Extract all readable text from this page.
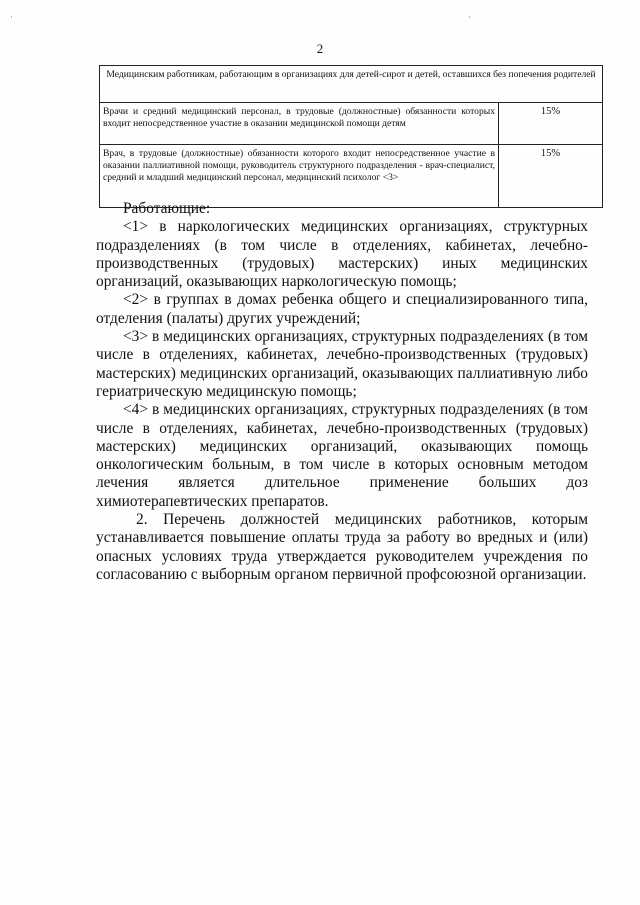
·	·
2
Медицинским работникам, работающим в организациях для детей-сирот и детей, оставшихся без попечения родителей	
Врачи и средний медицинский персонал, в трудовые (должностные) обязанности которых входит непосредственное участие в оказании медицинской помощи детям	15%
Врач, в трудовые (должностные) обязанности которого входит непосредственное участие в оказании паллиативной помощи, руководитель структурного подразделения - врач-специалист, средний и младший медицинский персонал, медицинский психолог <3>	15%

Работающие:

<1> в наркологических медицинских организациях, структурных подразделениях (в том числе в отделениях, кабинетах, лечебно-производственных (трудовых) мастерских) иных медицинских организаций, оказывающих наркологическую помощь;

<2> в группах в домах ребенка общего и специализированного типа, отделения (палаты) других учреждений;

<3> в медицинских организациях, структурных подразделениях (в том числе в отделениях, кабинетах, лечебно-производственных (трудовых) мастерских) медицинских организаций, оказывающих паллиативную либо гериатрическую медицинскую помощь;

<4> в медицинских организациях, структурных подразделениях (в том числе в отделениях, кабинетах, лечебно-производственных (трудовых) мастерских) медицинских организаций, оказывающих помощь онкологическим больным, в том числе в которых основным методом лечения является длительное применение больших доз химиотерапевтических препаратов.

2. Перечень должностей медицинских работников, которым устанавливается повышение оплаты труда за работу во вредных и (или) опасных условиях труда утверждается руководителем учреждения по согласованию с выборным органом первичной профсоюзной организации.
